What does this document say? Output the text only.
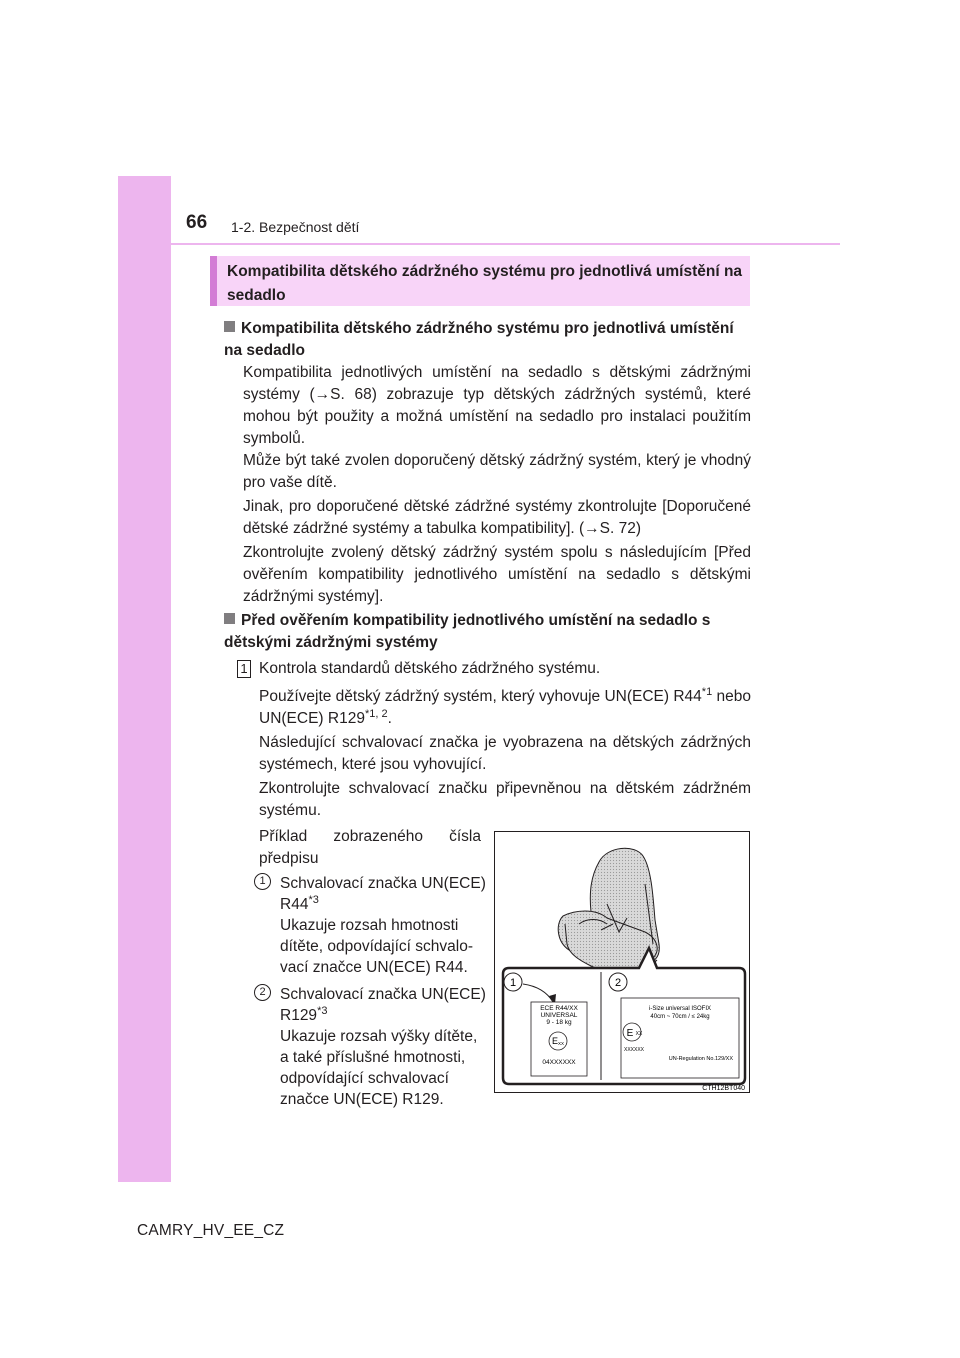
66 1-2. Bezpečnost dětí
Kompatibilita dětského zádržného systému pro jednotlivá umístění na sedadlo
Kompatibilita dětského zádržného systému pro jednotlivá umístění na sedadlo
Kompatibilita jednotlivých umístění na sedadlo s dětskými zádržnými systémy (→S. 68) zobrazuje typ dětských zádržných systémů, které mohou být použity a možná umístění na sedadlo pro instalaci použitím symbolů.
Může být také zvolen doporučený dětský zádržný systém, který je vhodný pro vaše dítě.
Jinak, pro doporučené dětské zádržné systémy zkontrolujte [Doporučené dětské zádržné systémy a tabulka kompatibility]. (→S. 72)
Zkontrolujte zvolený dětský zádržný systém spolu s následujícím [Před ověřením kompatibility jednotlivého umístění na sedadlo s dětskými zádržnými systémy].
Před ověřením kompatibility jednotlivého umístění na sedadlo s dětskými zádržnými systémy
1 Kontrola standardů dětského zádržného systému.
Používejte dětský zádržný systém, který vyhovuje UN(ECE) R44$^{*1}$ nebo UN(ECE) R129$^{*1, 2}$.
Následující schvalovací značka je vyobrazena na dětských zádržných systémech, které jsou vyhovující.
Zkontrolujte schvalovací značku připevněnou na dětském zádržném systému.
Příklad zobrazeného čísla předpisu
1 Schvalovací značka UN(ECE) R44$^{*3}$
Ukazuje rozsah hmotnosti dítěte, odpovídající schvalovací značce UN(ECE) R44.
2 Schvalovací značka UN(ECE) R129$^{*3}$
Ukazuje rozsah výšky dítěte, a také příslušné hmotnosti, odpovídající schvalovací značce UN(ECE) R129.
1	2
ECE R44/XX
UNIVERSAL
9 - 18 kg
E XX
04XXXXXX
i-Size universal ISOFIX
40cm ~ 70cm / ≤ 24kg
E XX
XXXXXX
UN-Regulation No.129/XX
CTH12BT040
CAMRY_HV_EE_CZ
